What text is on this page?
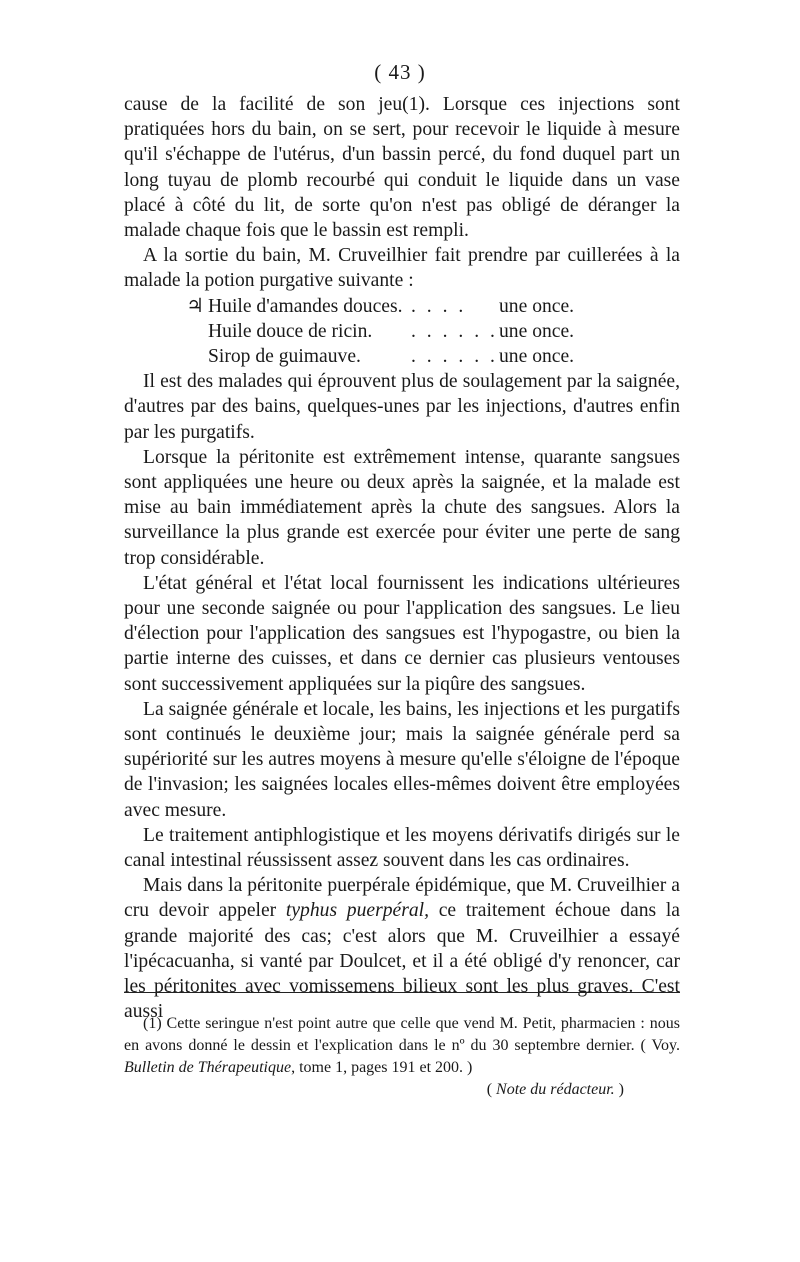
( 43 )

cause de la facilité de son jeu(1). Lorsque ces injections sont pratiquées hors du bain, on se sert, pour recevoir le liquide à mesure qu'il s'échappe de l'utérus, d'un bassin percé, du fond duquel part un long tuyau de plomb recourbé qui conduit le liquide dans un vase placé à côté du lit, de sorte qu'on n'est pas obligé de déranger la malade chaque fois que le bassin est rempli.

A la sortie du bain, M. Cruveilhier fait prendre par cuillerées à la malade la potion purgative suivante :

♃ Huile d'amandes douces. . . . .	une once.
Huile douce de ricin.	. . . . . . une once.
Sirop de guimauve.	. . . . . . une once.

Il est des malades qui éprouvent plus de soulagement par la saignée, d'autres par des bains, quelques-unes par les injections, d'autres enfin par les purgatifs.

Lorsque la péritonite est extrêmement intense, quarante sangsues sont appliquées une heure ou deux après la saignée, et la malade est mise au bain immédiatement après la chute des sangsues. Alors la surveillance la plus grande est exercée pour éviter une perte de sang trop considérable.

L'état général et l'état local fournissent les indications ultérieures pour une seconde saignée ou pour l'application des sangsues. Le lieu d'élection pour l'application des sangsues est l'hypogastre, ou bien la partie interne des cuisses, et dans ce dernier cas plusieurs ventouses sont successivement appliquées sur la piqûre des sangsues.

La saignée générale et locale, les bains, les injections et les purgatifs sont continués le deuxième jour; mais la saignée générale perd sa supériorité sur les autres moyens à mesure qu'elle s'éloigne de l'époque de l'invasion; les saignées locales elles-mêmes doivent être employées avec mesure.

Le traitement antiphlogistique et les moyens dérivatifs dirigés sur le canal intestinal réussissent assez souvent dans les cas ordinaires.

Mais dans la péritonite puerpérale épidémique, que M. Cruveilhier a cru devoir appeler typhus puerpéral, ce traitement échoue dans la grande majorité des cas; c'est alors que M. Cruveilhier a essayé l'ipécacuanha, si vanté par Doulcet, et il a été obligé d'y renoncer, car les péritonites avec vomissemens bilieux sont les plus graves. C'est aussi

(1) Cette seringue n'est point autre que celle que vend M. Petit, pharmacien : nous en avons donné le dessin et l'explication dans le nº du 30 septembre dernier. ( Voy. Bulletin de Thérapeutique, tome 1, pages 191 et 200. )

( Note du rédacteur. )
